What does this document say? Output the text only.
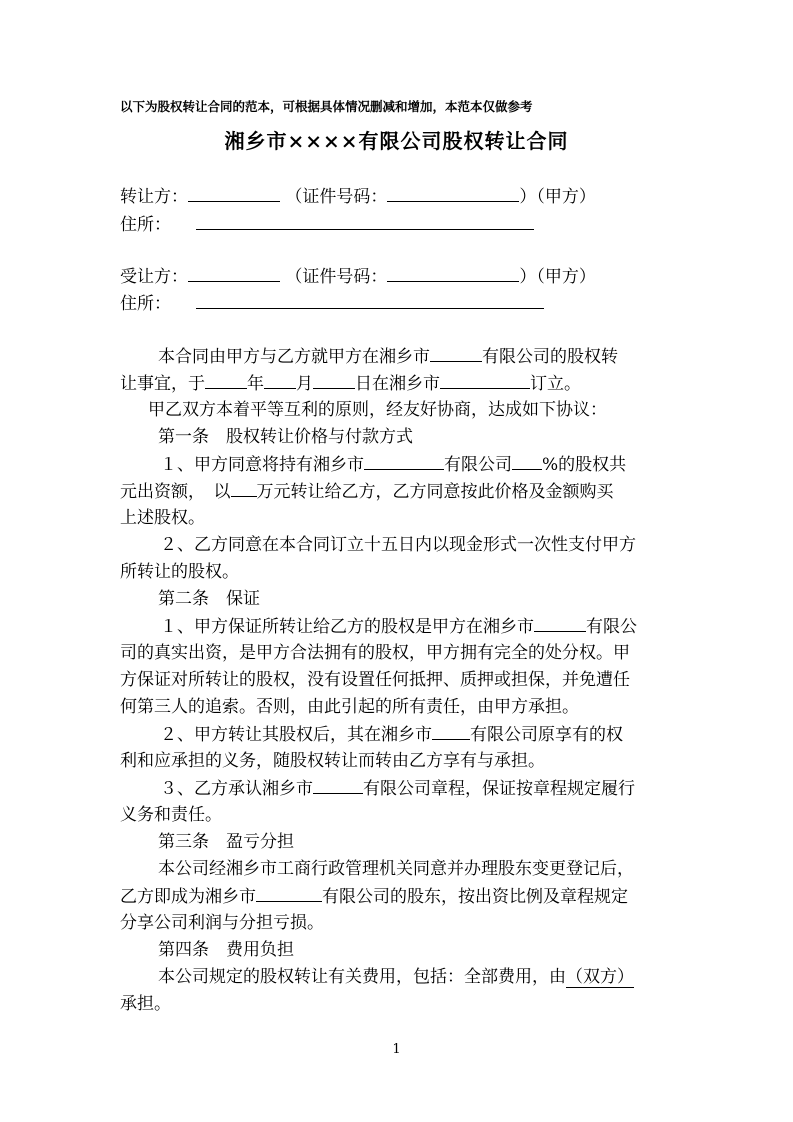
以下为股权转让合同的范本，可根据具体情况删减和增加，本范本仅做参考
湘乡市××××有限公司股权转让合同
转让方：	（证件号码：	）（甲方）
住所：
受让方：	（证件号码：	）（甲方）
住所：
本合同由甲方与乙方就甲方在湘乡市	有限公司的股权转
让事宜，于 年 月 日在湘乡市	订立。
甲乙双方本着平等互利的原则，经友好协商，达成如下协议：
第一条　股权转让价格与付款方式
１、甲方同意将持有湘乡市	有限公司 %的股权共
元出资额，　以 万元转让给乙方，乙方同意按此价格及金额购买
上述股权。
２、乙方同意在本合同订立十五日内以现金形式一次性支付甲方
所转让的股权。
第二条　保证
１、甲方保证所转让给乙方的股权是甲方在湘乡市	有限公
司的真实出资，是甲方合法拥有的股权，甲方拥有完全的处分权。甲
方保证对所转让的股权，没有设置任何抵押、质押或担保，并免遭任
何第三人的追索。否则，由此引起的所有责任，由甲方承担。
２、甲方转让其股权后，其在湘乡市 有限公司原享有的权
利和应承担的义务，随股权转让而转由乙方享有与承担。
３、乙方承认湘乡市	有限公司章程，保证按章程规定履行
义务和责任。
第三条　盈亏分担
本公司经湘乡市工商行政管理机关同意并办理股东变更登记后，
乙方即成为湘乡市	有限公司的股东，按出资比例及章程规定
分享公司利润与分担亏损。
第四条　费用负担
本公司规定的股权转让有关费用，包括：全部费用，由（双方）
承担。
1
